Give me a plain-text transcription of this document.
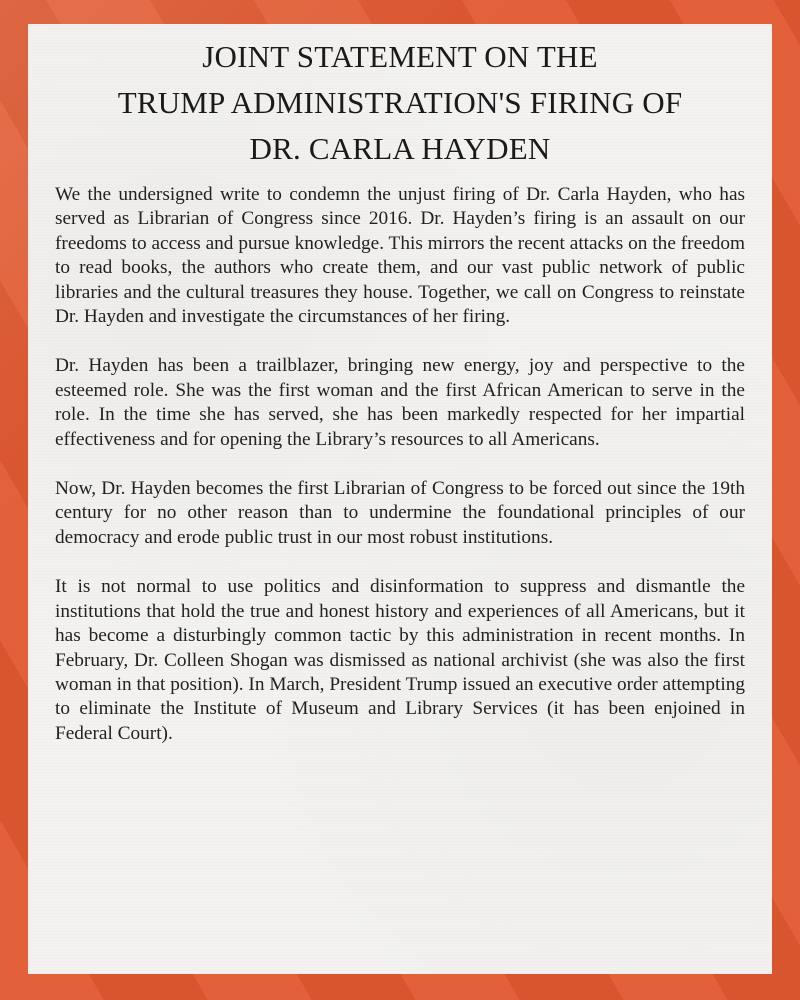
JOINT STATEMENT ON THE
TRUMP ADMINISTRATION'S FIRING OF
DR. CARLA HAYDEN

We the undersigned write to condemn the unjust firing of Dr. Carla Hayden, who has served as Librarian of Congress since 2016. Dr. Hayden’s firing is an assault on our freedoms to access and pursue knowledge. This mirrors the recent attacks on the freedom to read books, the authors who create them, and our vast public network of public libraries and the cultural treasures they house. Together, we call on Congress to reinstate Dr. Hayden and investigate the circumstances of her firing.

Dr. Hayden has been a trailblazer, bringing new energy, joy and perspective to the esteemed role. She was the first woman and the first African American to serve in the role. In the time she has served, she has been markedly respected for her impartial effectiveness and for opening the Library’s resources to all Americans.

Now, Dr. Hayden becomes the first Librarian of Congress to be forced out since the 19th century for no other reason than to undermine the foundational principles of our democracy and erode public trust in our most robust institutions.

It is not normal to use politics and disinformation to suppress and dismantle the institutions that hold the true and honest history and experiences of all Americans, but it has become a disturbingly common tactic by this administration in recent months. In February, Dr. Colleen Shogan was dismissed as national archivist (she was also the first woman in that position). In March, President Trump issued an executive order attempting to eliminate the Institute of Museum and Library Services (it has been enjoined in Federal Court).
